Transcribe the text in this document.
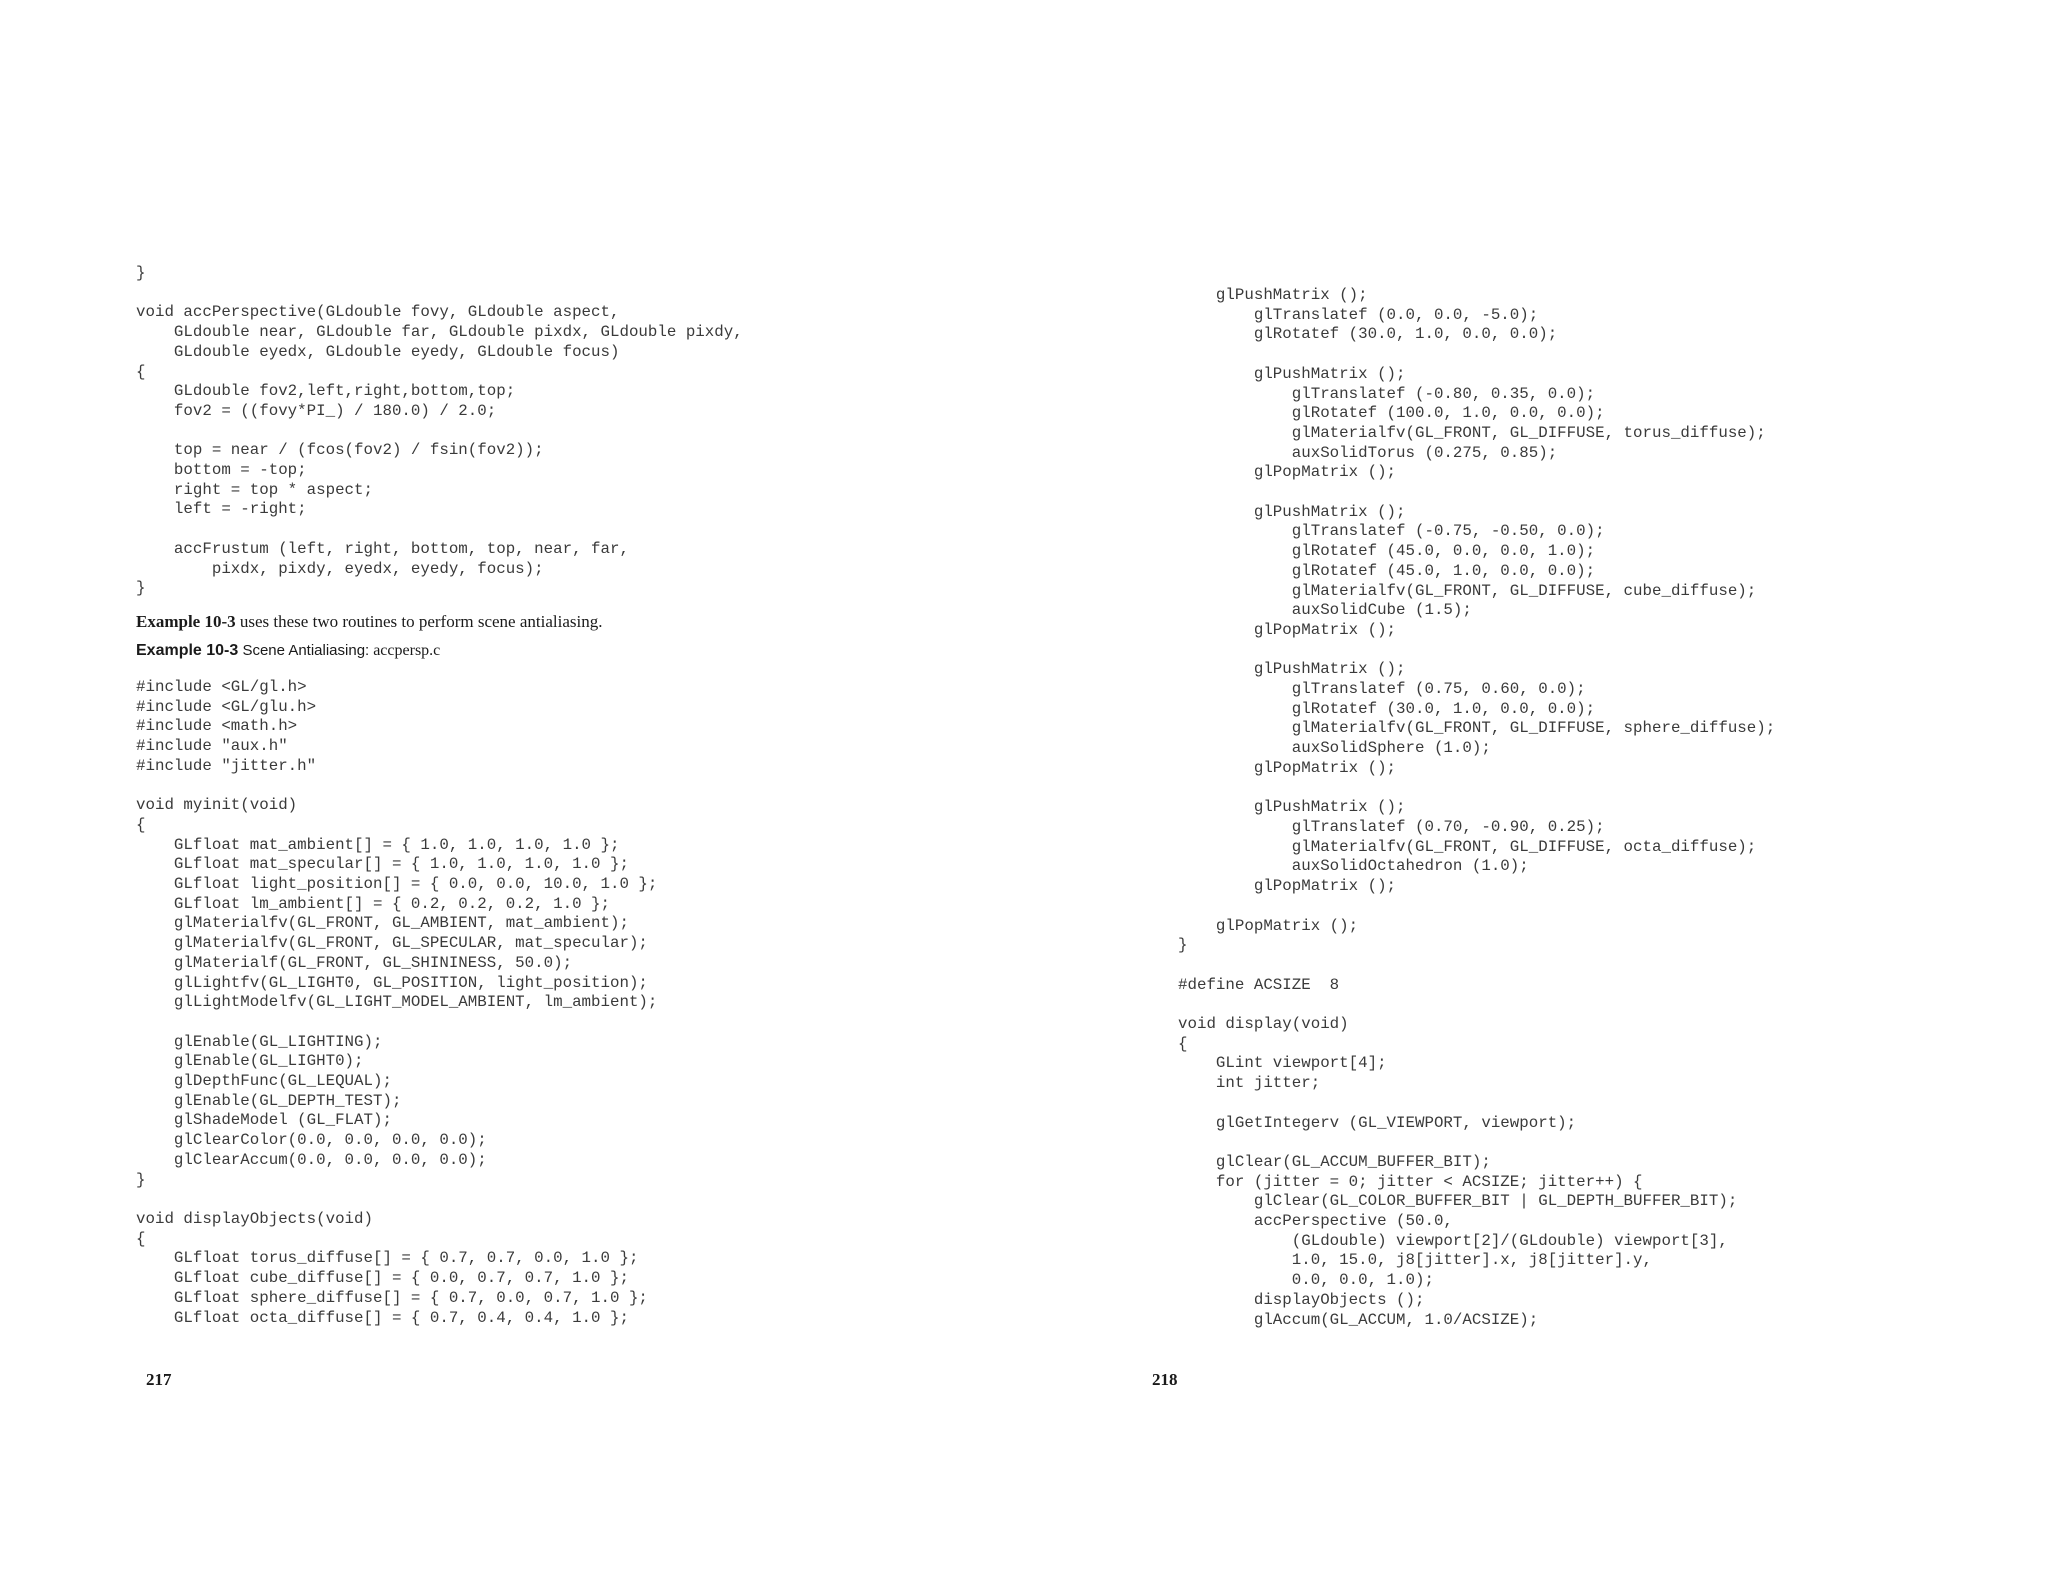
}

void accPerspective(GLdouble fovy, GLdouble aspect,
GLdouble near, GLdouble far, GLdouble pixdx, GLdouble pixdy,
GLdouble eyedx, GLdouble eyedy, GLdouble focus)
{
GLdouble fov2,left,right,bottom,top;
fov2 = ((fovy*PI_) / 180.0) / 2.0;

top = near / (fcos(fov2) / fsin(fov2));
bottom = -top;
right = top * aspect;
left = -right;

accFrustum (left, right, bottom, top, near, far,
pixdx, pixdy, eyedx, eyedy, focus);
}

Example 10-3 uses these two routines to perform scene antialiasing.

Example 10-3 Scene Antialiasing: accpersp.c

#include <GL/gl.h>
#include <GL/glu.h>
#include <math.h>
#include "aux.h"
#include "jitter.h"

void myinit(void)
{
GLfloat mat_ambient[] = { 1.0, 1.0, 1.0, 1.0 };
GLfloat mat_specular[] = { 1.0, 1.0, 1.0, 1.0 };
GLfloat light_position[] = { 0.0, 0.0, 10.0, 1.0 };
GLfloat lm_ambient[] = { 0.2, 0.2, 0.2, 1.0 };
glMaterialfv(GL_FRONT, GL_AMBIENT, mat_ambient);
glMaterialfv(GL_FRONT, GL_SPECULAR, mat_specular);
glMaterialf(GL_FRONT, GL_SHININESS, 50.0);
glLightfv(GL_LIGHT0, GL_POSITION, light_position);
glLightModelfv(GL_LIGHT_MODEL_AMBIENT, lm_ambient);

glEnable(GL_LIGHTING);
glEnable(GL_LIGHT0);
glDepthFunc(GL_LEQUAL);
glEnable(GL_DEPTH_TEST);
glShadeModel (GL_FLAT);
glClearColor(0.0, 0.0, 0.0, 0.0);
glClearAccum(0.0, 0.0, 0.0, 0.0);
}

void displayObjects(void)
{
GLfloat torus_diffuse[] = { 0.7, 0.7, 0.0, 1.0 };
GLfloat cube_diffuse[] = { 0.0, 0.7, 0.7, 1.0 };
GLfloat sphere_diffuse[] = { 0.7, 0.0, 0.7, 1.0 };
GLfloat octa_diffuse[] = { 0.7, 0.4, 0.4, 1.0 };

217

glPushMatrix ();
glTranslatef (0.0, 0.0, -5.0);
glRotatef (30.0, 1.0, 0.0, 0.0);

glPushMatrix ();
glTranslatef (-0.80, 0.35, 0.0);
glRotatef (100.0, 1.0, 0.0, 0.0);
glMaterialfv(GL_FRONT, GL_DIFFUSE, torus_diffuse);
auxSolidTorus (0.275, 0.85);
glPopMatrix ();

glPushMatrix ();
glTranslatef (-0.75, -0.50, 0.0);
glRotatef (45.0, 0.0, 0.0, 1.0);
glRotatef (45.0, 1.0, 0.0, 0.0);
glMaterialfv(GL_FRONT, GL_DIFFUSE, cube_diffuse);
auxSolidCube (1.5);
glPopMatrix ();

glPushMatrix ();
glTranslatef (0.75, 0.60, 0.0);
glRotatef (30.0, 1.0, 0.0, 0.0);
glMaterialfv(GL_FRONT, GL_DIFFUSE, sphere_diffuse);
auxSolidSphere (1.0);
glPopMatrix ();

glPushMatrix ();
glTranslatef (0.70, -0.90, 0.25);
glMaterialfv(GL_FRONT, GL_DIFFUSE, octa_diffuse);
auxSolidOctahedron (1.0);
glPopMatrix ();

glPopMatrix ();
}

#define ACSIZE  8

void display(void)
{
GLint viewport[4];
int jitter;

glGetIntegerv (GL_VIEWPORT, viewport);

glClear(GL_ACCUM_BUFFER_BIT);
for (jitter = 0; jitter < ACSIZE; jitter++) {
glClear(GL_COLOR_BUFFER_BIT | GL_DEPTH_BUFFER_BIT);
accPerspective (50.0,
(GLdouble) viewport[2]/(GLdouble) viewport[3],
1.0, 15.0, j8[jitter].x, j8[jitter].y,
0.0, 0.0, 1.0);
displayObjects ();
glAccum(GL_ACCUM, 1.0/ACSIZE);

218
